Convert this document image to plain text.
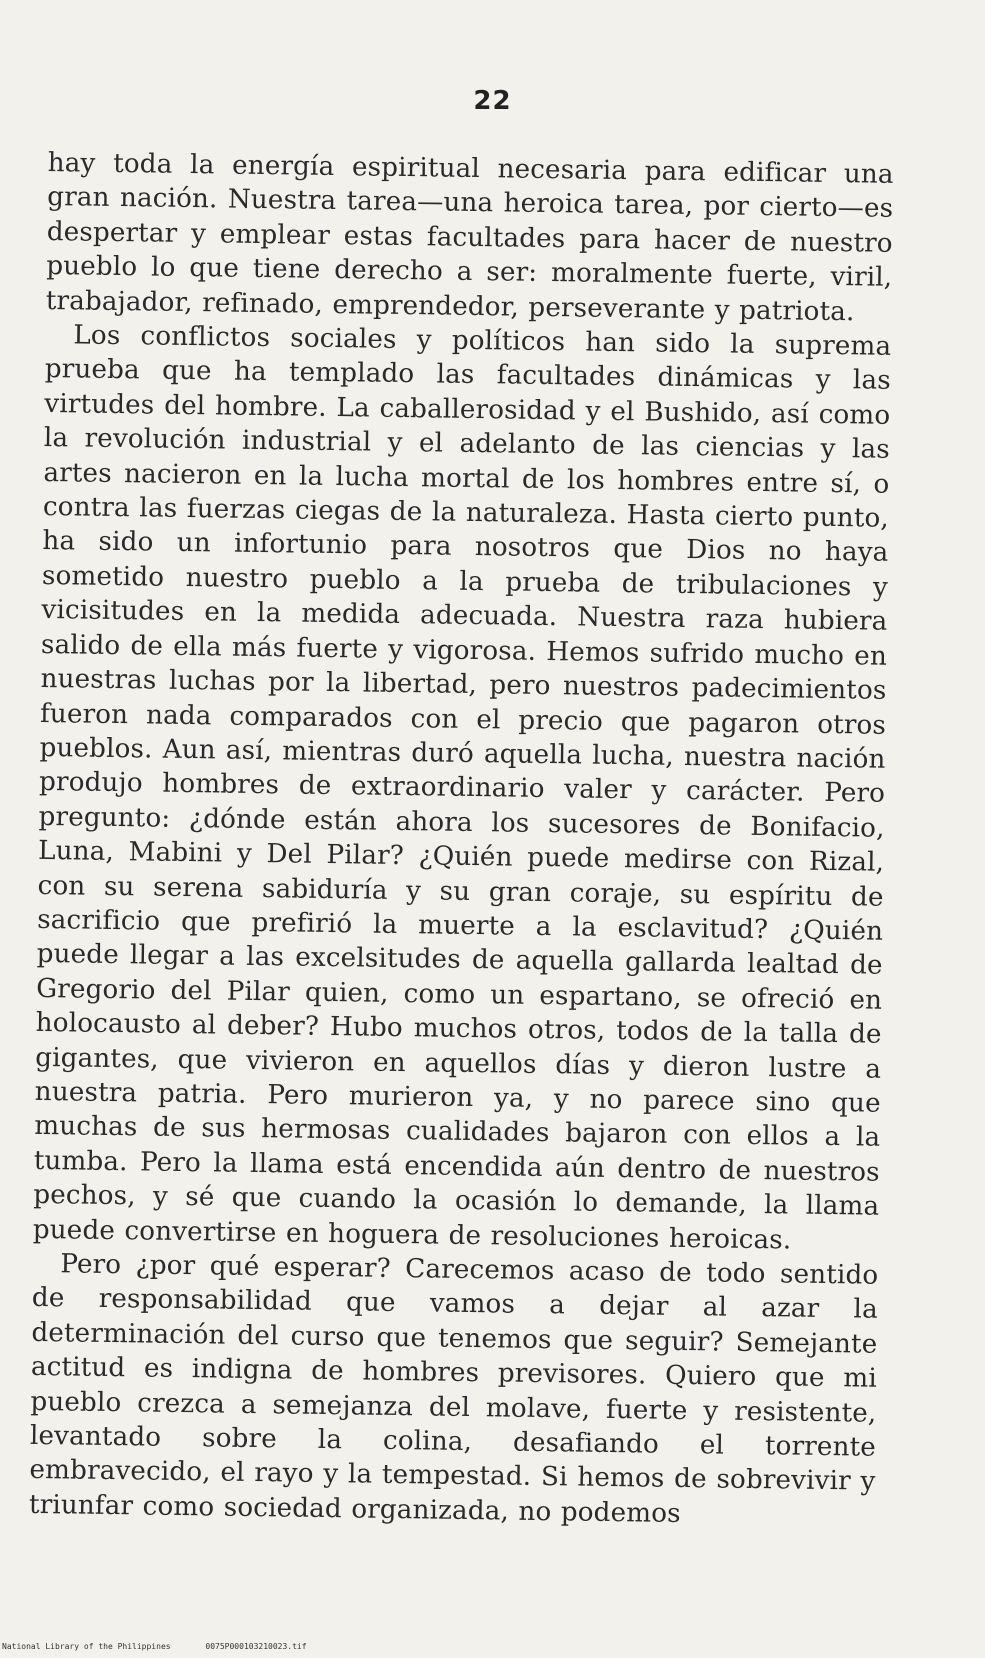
22

hay toda la energía espiritual necesaria para edificar una gran nación. Nuestra tarea—una heroica tarea, por cierto—es despertar y emplear estas facultades para hacer de nuestro pueblo lo que tiene derecho a ser: moralmente fuerte, viril, trabajador, refinado, emprendedor, perseverante y patriota.

Los conflictos sociales y políticos han sido la suprema prueba que ha templado las facultades dinámicas y las virtudes del hombre. La caballerosidad y el Bushido, así como la revolución industrial y el adelanto de las ciencias y las artes nacieron en la lucha mortal de los hombres entre sí, o contra las fuerzas ciegas de la naturaleza. Hasta cierto punto, ha sido un infortunio para nosotros que Dios no haya sometido nuestro pueblo a la prueba de tribulaciones y vicisitudes en la medida adecuada. Nuestra raza hubiera salido de ella más fuerte y vigorosa. Hemos sufrido mucho en nuestras luchas por la libertad, pero nuestros padecimientos fueron nada comparados con el precio que pagaron otros pueblos. Aun así, mientras duró aquella lucha, nuestra nación produjo hombres de extraordinario valer y carácter. Pero pregunto: ¿dónde están ahora los sucesores de Bonifacio, Luna, Mabini y Del Pilar? ¿Quién puede medirse con Rizal, con su serena sabiduría y su gran coraje, su espíritu de sacrificio que prefirió la muerte a la esclavitud? ¿Quién puede llegar a las excelsitudes de aquella gallarda lealtad de Gregorio del Pilar quien, como un espartano, se ofreció en holocausto al deber? Hubo muchos otros, todos de la talla de gigantes, que vivieron en aquellos días y dieron lustre a nuestra patria. Pero murieron ya, y no parece sino que muchas de sus hermosas cualidades bajaron con ellos a la tumba. Pero la llama está encendida aún dentro de nuestros pechos, y sé que cuando la ocasión lo demande, la llama puede convertirse en hoguera de resoluciones heroicas.

Pero ¿por qué esperar? Carecemos acaso de todo sentido de responsabilidad que vamos a dejar al azar la determinación del curso que tenemos que seguir? Semejante actitud es indigna de hombres previsores. Quiero que mi pueblo crezca a semejanza del molave, fuerte y resistente, levantado sobre la colina, desafiando el torrente embravecido, el rayo y la tempestad. Si hemos de sobrevivir y triunfar como sociedad organizada, no podemos

National Library of the Philippines	0075P000103210023.tif
